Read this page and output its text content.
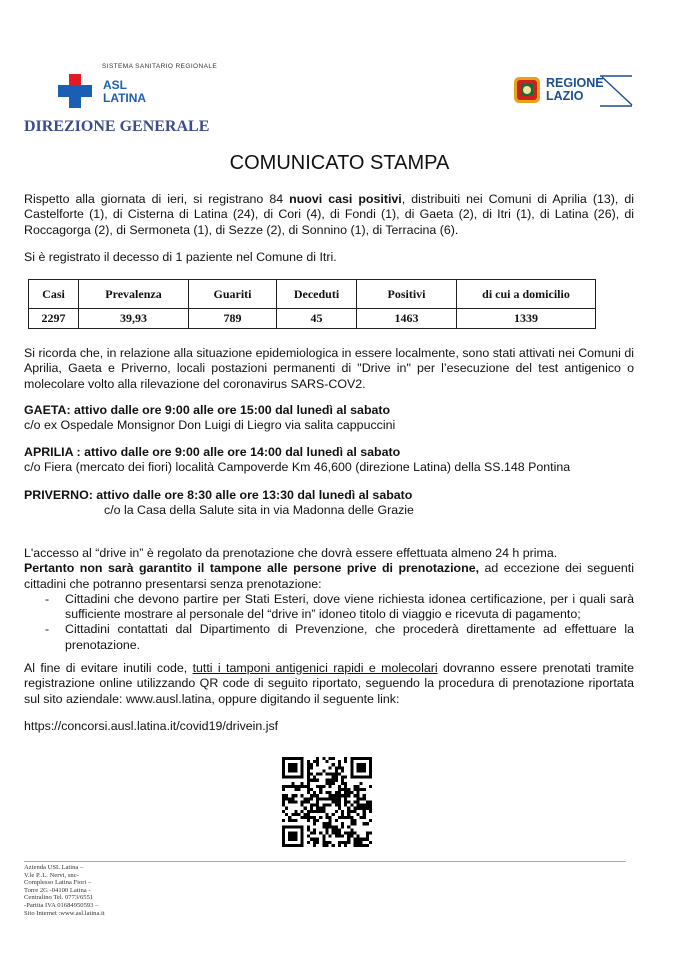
SISTEMA SANITARIO REGIONALE
ASL
LATINA
REGIONE
LAZIO
DIREZIONE GENERALE
COMUNICATO STAMPA

Rispetto alla giornata di ieri, si registrano 84 nuovi casi positivi, distribuiti nei Comuni di Aprilia (13), di Castelforte (1), di Cisterna di Latina (24), di Cori (4), di Fondi (1), di Gaeta (2), di Itri (1), di Latina (26), di Roccagorga (2), di Sermoneta (1), di Sezze (2), di Sonnino (1), di Terracina (6).

Si è registrato il decesso di 1 paziente nel Comune di Itri.

Casi	Prevalenza	Guariti	Deceduti	Positivi	di cui a domicilio
2297	39,93	789	45	1463	1339

Si ricorda che, in relazione alla situazione epidemiologica in essere localmente, sono stati attivati nei Comuni di Aprilia, Gaeta e Priverno, locali postazioni permanenti di "Drive in" per l’esecuzione del test antigenico o molecolare volto alla rilevazione del coronavirus SARS-COV2.

GAETA: attivo dalle ore 9:00 alle ore 15:00 dal lunedì al sabato
c/o ex Ospedale Monsignor Don Luigi di Liegro via salita cappuccini
APRILIA : attivo dalle ore 9:00 alle ore 14:00 dal lunedì al sabato
c/o Fiera (mercato dei fiori) località Campoverde Km 46,600 (direzione Latina) della SS.148 Pontina
PRIVERNO: attivo dalle ore 8:30 alle ore 13:30 dal lunedì al sabato
c/o la Casa della Salute sita in via Madonna delle Grazie
L'accesso al “drive in” è regolato da prenotazione che dovrà essere effettuata almeno 24 h prima.
Pertanto non sarà garantito il tampone alle persone prive di prenotazione, ad eccezione dei seguenti cittadini che potranno presentarsi senza prenotazione:
- Cittadini che devono partire per Stati Esteri, dove viene richiesta idonea certificazione, per i quali sarà sufficiente mostrare al personale del “drive in” idoneo titolo di viaggio e ricevuta di pagamento;
- Cittadini contattati dal Dipartimento di Prevenzione, che procederà direttamente ad effettuare la prenotazione.

Al fine di evitare inutili code, tutti i tamponi antigenici rapidi e molecolari dovranno essere prenotati tramite registrazione online utilizzando QR code di seguito riportato, seguendo la procedura di prenotazione riportata sul sito aziendale: www.ausl.latina, oppure digitando il seguente link:

https://concorsi.ausl.latina.it/covid19/drivein.jsf
Azienda USL Latina –
V.le P..L. Nervi, snc-
Complesso Latina Fiori –
Torre 2G -04100 Latina -
Centralino Tel. 0773/6551
-Partita IVA 01684950593 –
Sito Internet :www.asl.latina.it
